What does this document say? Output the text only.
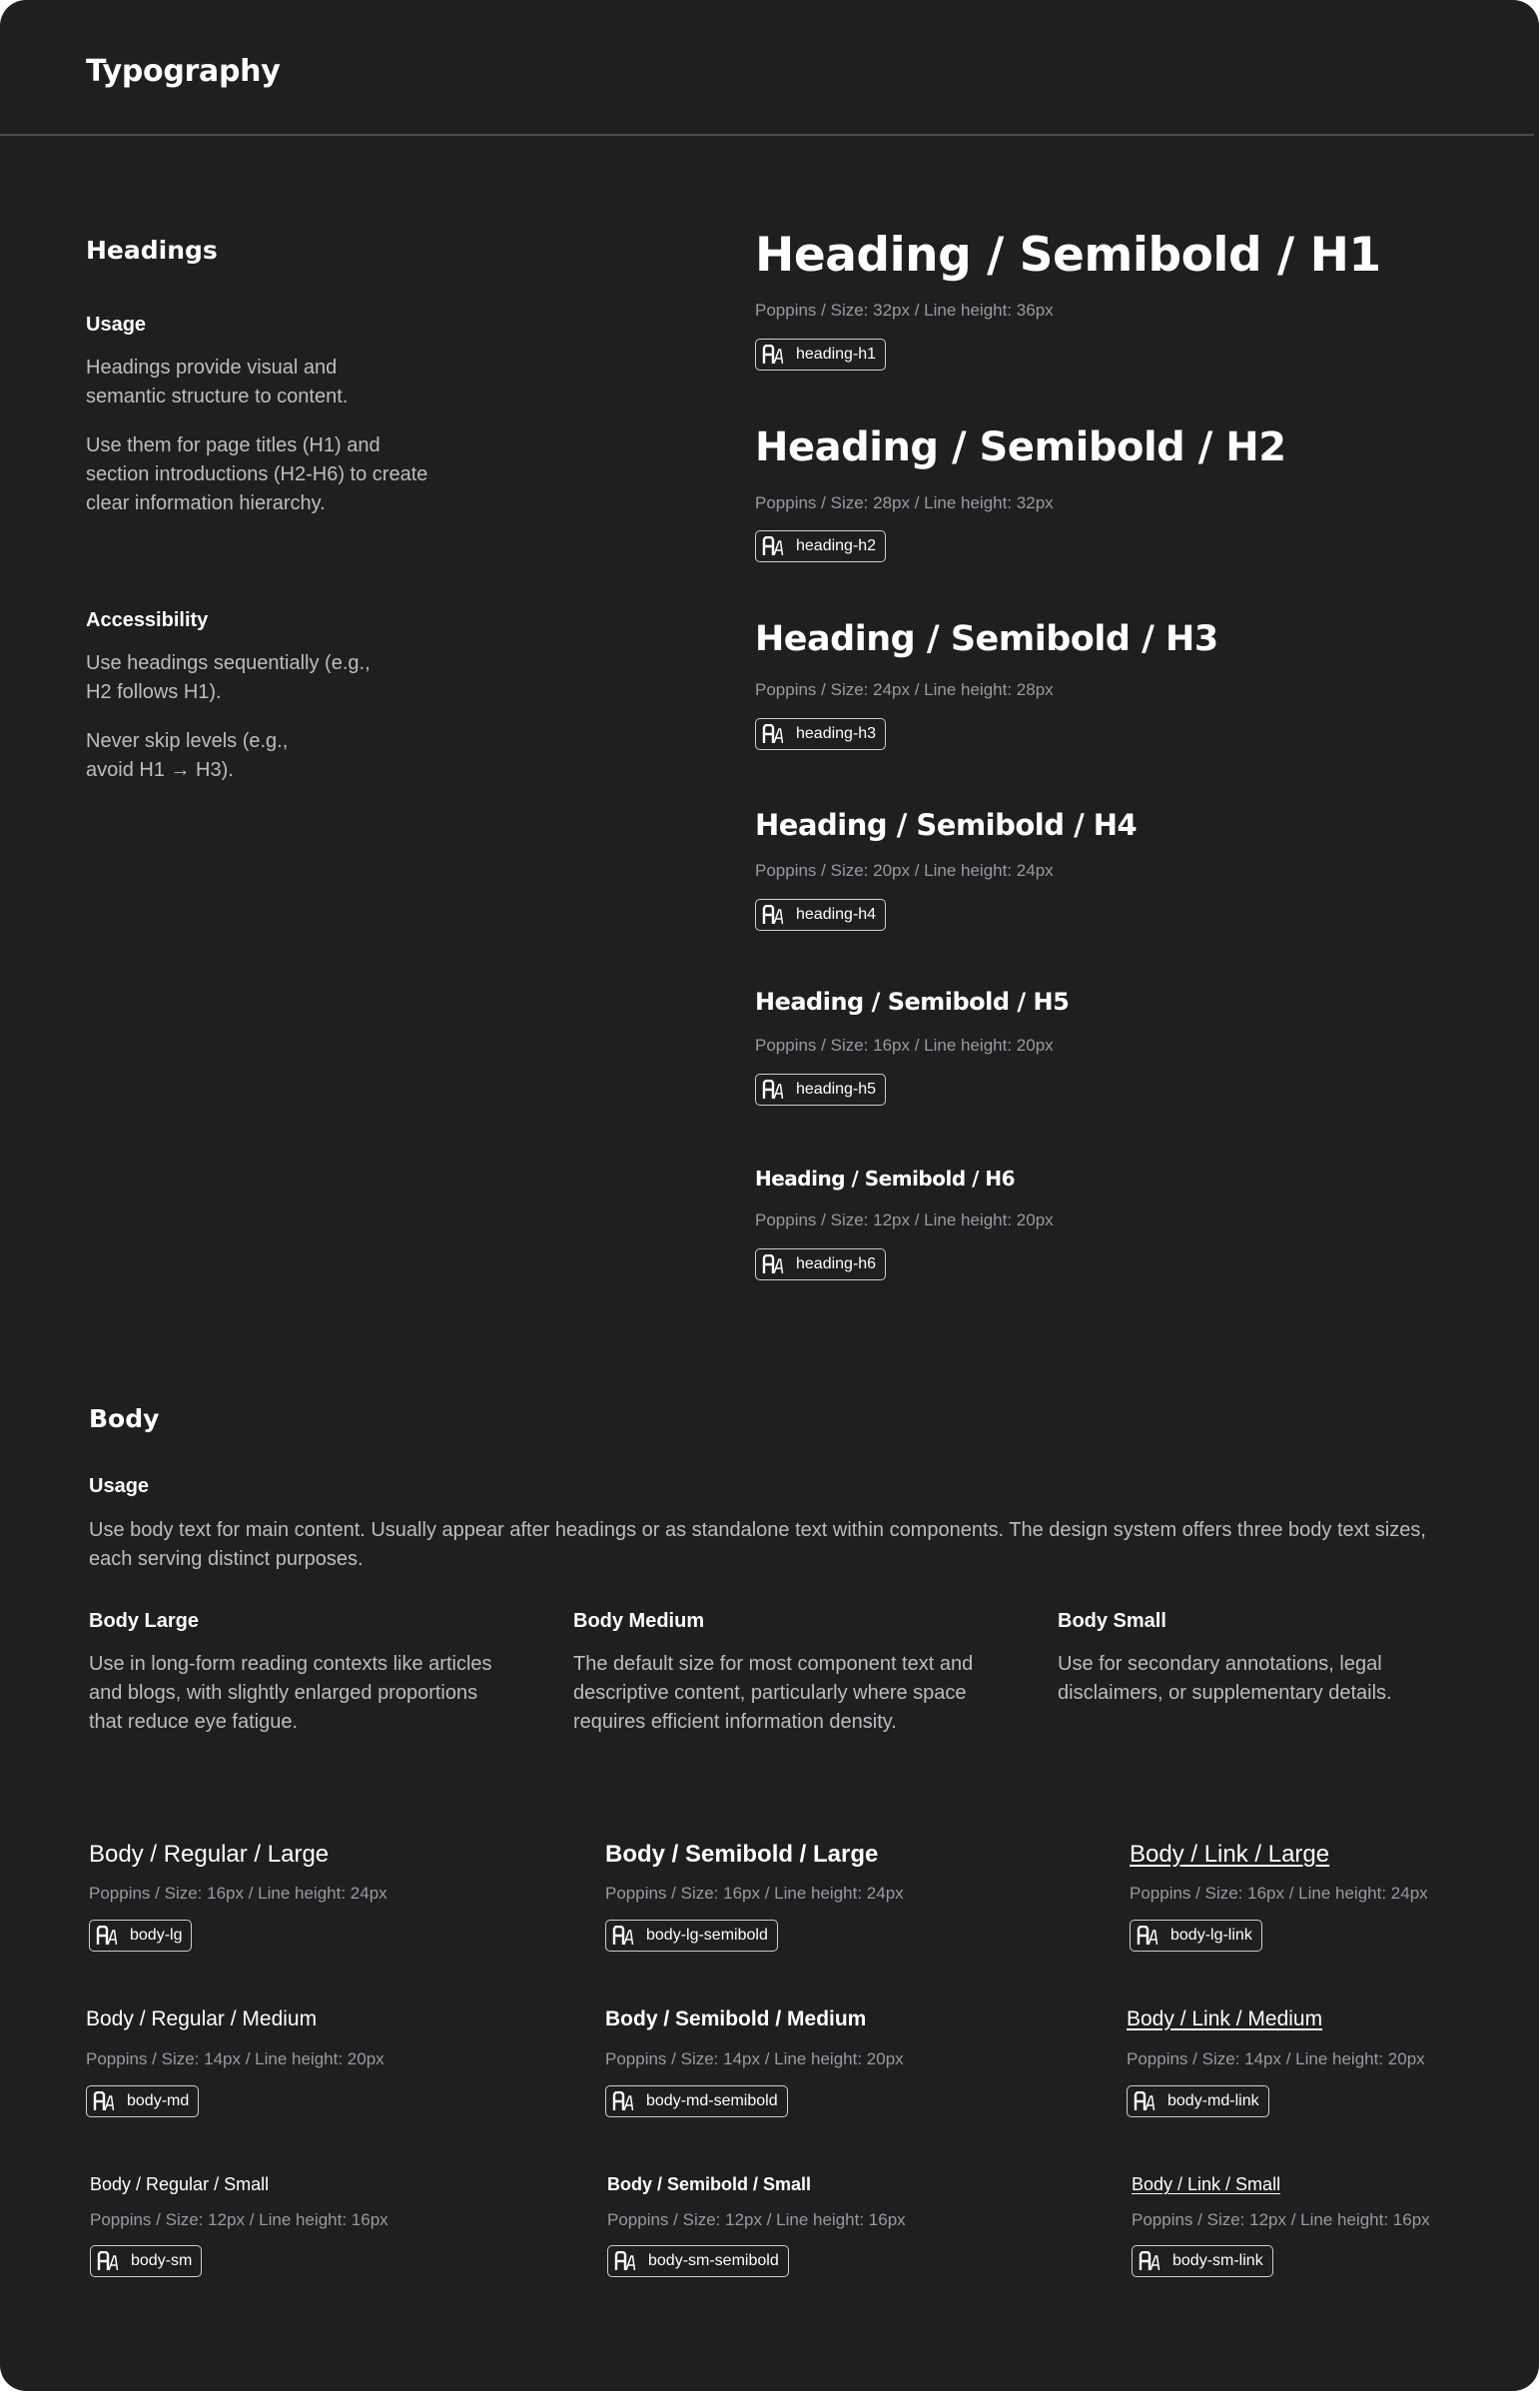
Typography
Headings
Usage
Headings provide visual and semantic structure to content.
Use them for page titles (H1) and section introductions (H2-H6) to create clear information hierarchy.
Accessibility
Use headings sequentially (e.g., H2 follows H1).
Never skip levels (e.g., avoid H1 → H3).
Heading / Semibold / H1
Poppins / Size: 32px / Line height: 36px
heading-h1
Heading / Semibold / H2
Poppins / Size: 28px / Line height: 32px
heading-h2
Heading / Semibold / H3
Poppins / Size: 24px / Line height: 28px
heading-h3
Heading / Semibold / H4
Poppins / Size: 20px / Line height: 24px
heading-h4
Heading / Semibold / H5
Poppins / Size: 16px / Line height: 20px
heading-h5
Heading / Semibold / H6
Poppins / Size: 12px / Line height: 20px
heading-h6
Body
Usage
Use body text for main content. Usually appear after headings or as standalone text within components. The design system offers three body text sizes, each serving distinct purposes.
Body Large
Use in long-form reading contexts like articles and blogs, with slightly enlarged proportions that reduce eye fatigue.
Body Medium
The default size for most component text and descriptive content, particularly where space requires efficient information density.
Body Small
Use for secondary annotations, legal disclaimers, or supplementary details.
Body / Regular / Large
Poppins / Size: 16px / Line height: 24px
body-lg
Body / Semibold / Large
Poppins / Size: 16px / Line height: 24px
body-lg-semibold
Body / Link / Large
Poppins / Size: 16px / Line height: 24px
body-lg-link
Body / Regular / Medium
Poppins / Size: 14px / Line height: 20px
body-md
Body / Semibold / Medium
Poppins / Size: 14px / Line height: 20px
body-md-semibold
Body / Link / Medium
Poppins / Size: 14px / Line height: 20px
body-md-link
Body / Regular / Small
Poppins / Size: 12px / Line height: 16px
body-sm
Body / Semibold / Small
Poppins / Size: 12px / Line height: 16px
body-sm-semibold
Body / Link / Small
Poppins / Size: 12px / Line height: 16px
body-sm-link
